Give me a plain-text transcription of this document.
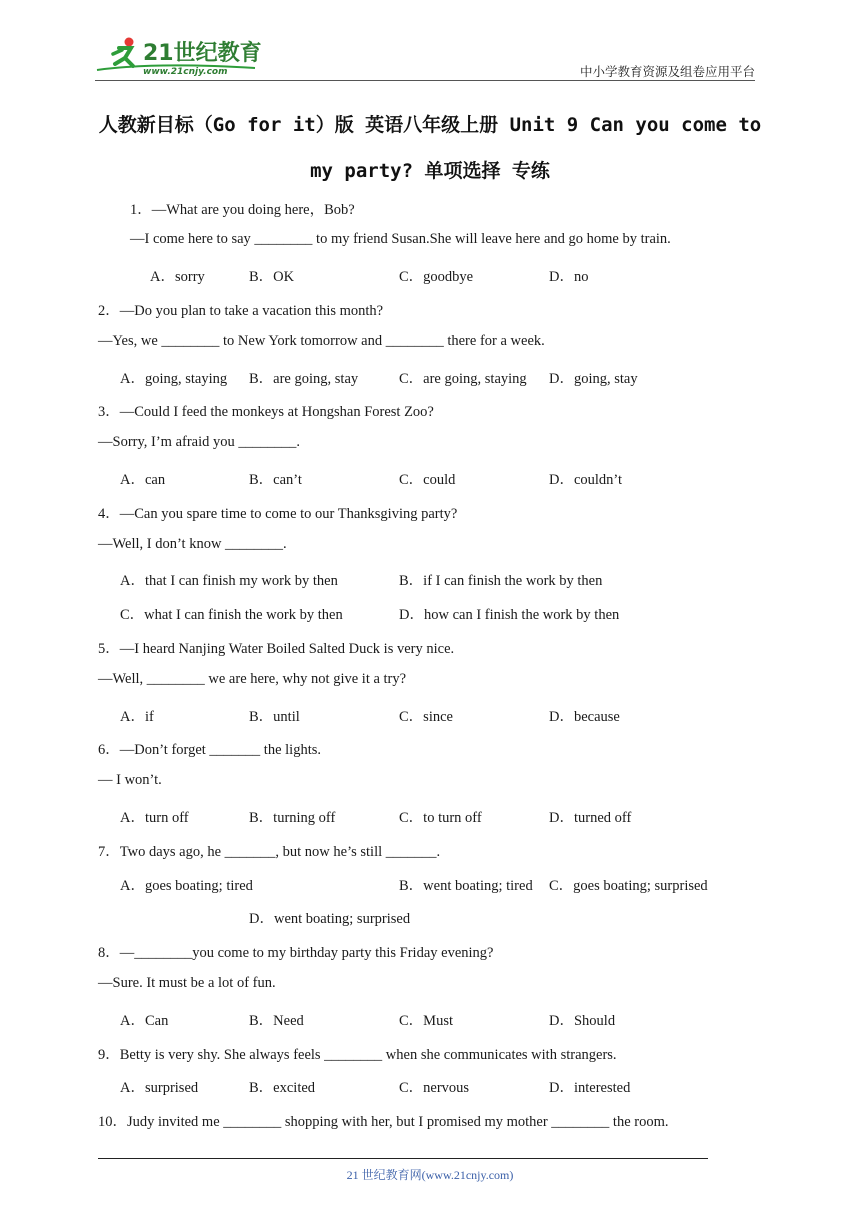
21世纪教育
www.21cnjy.com	中小学教育资源及组卷应用平台
人教新目标（Go for it）版 英语八年级上册 Unit 9 Can you come to
my party? 单项选择 专练
1．—What are you doing here，Bob?
—I come here to say ________ to my friend Susan.She will leave here and go home by train.
A．sorry	B．OK	C．goodbye	D．no
2．—Do you plan to take a vacation this month?
—Yes, we ________ to New York tomorrow and ________ there for a week.
A．going, staying B．are going, stay	C．are going, staying D．going, stay
3．—Could I feed the monkeys at Hongshan Forest Zoo?
—Sorry, I’m afraid you ________.
A．can	B．can’t	C．could	D．couldn’t
4．—Can you spare time to come to our Thanksgiving party?
—Well, I don’t know ________.
A．that I can finish my work by then	B．if I can finish the work by then
C．what I can finish the work by then	D．how can I finish the work by then
5．—I heard Nanjing Water Boiled Salted Duck is very nice.
—Well, ________ we are here, why not give it a try?
A．if	B．until	C．since	D．because
6．—Don’t forget _______ the lights.
— I won’t.
A．turn off	B．turning off	C．to turn off	D．turned off
7．Two days ago, he _______, but now he’s still _______.
A．goes boating; tired	B．went boating; tired C．goes boating; surprised
D．went boating; surprised
8．—________you come to my birthday party this Friday evening?
—Sure. It must be a lot of fun.
A．Can	B．Need	C．Must	D．Should
9．Betty is very shy. She always feels ________ when she communicates with strangers.
A．surprised	B．excited	C．nervous	D．interested
10．Judy invited me ________ shopping with her, but I promised my mother ________ the room.
21 世纪教育网(www.21cnjy.com)
